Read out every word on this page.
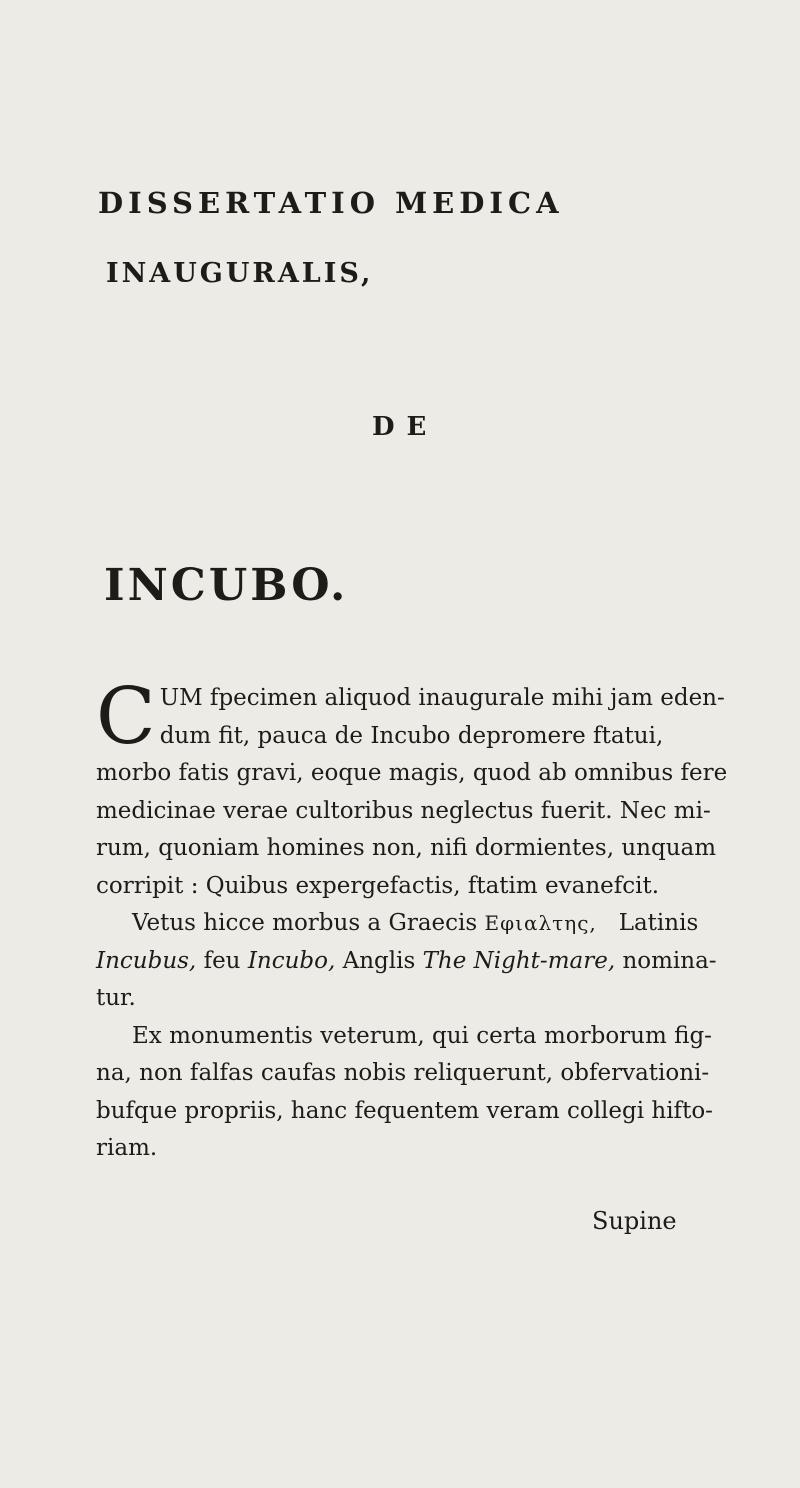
DISSERTATIO MEDICA
INAUGURALIS,
DE
INCUBO.
C UM fpecimen aliquod inaugurale mihi jam eden-
dum fit, pauca de Incubo depromere ftatui,
morbo fatis gravi, eoque magis, quod ab omnibus fere
medicinae verae cultoribus neglectus fuerit. Nec mi-
rum, quoniam homines non, nifi dormientes, unquam
corripit : Quibus expergefactis, ftatim evanefcit.
Vetus hicce morbus a Graecis Εφιαλτης, Latinis
Incubus, feu Incubo, Anglis The Night-mare, nomina-
tur.
Ex monumentis veterum, qui certa morborum fig-
na, non falfas caufas nobis reliquerunt, obfervationi-
bufque propriis, hanc fequentem veram collegi hifto-
riam.
Supine
